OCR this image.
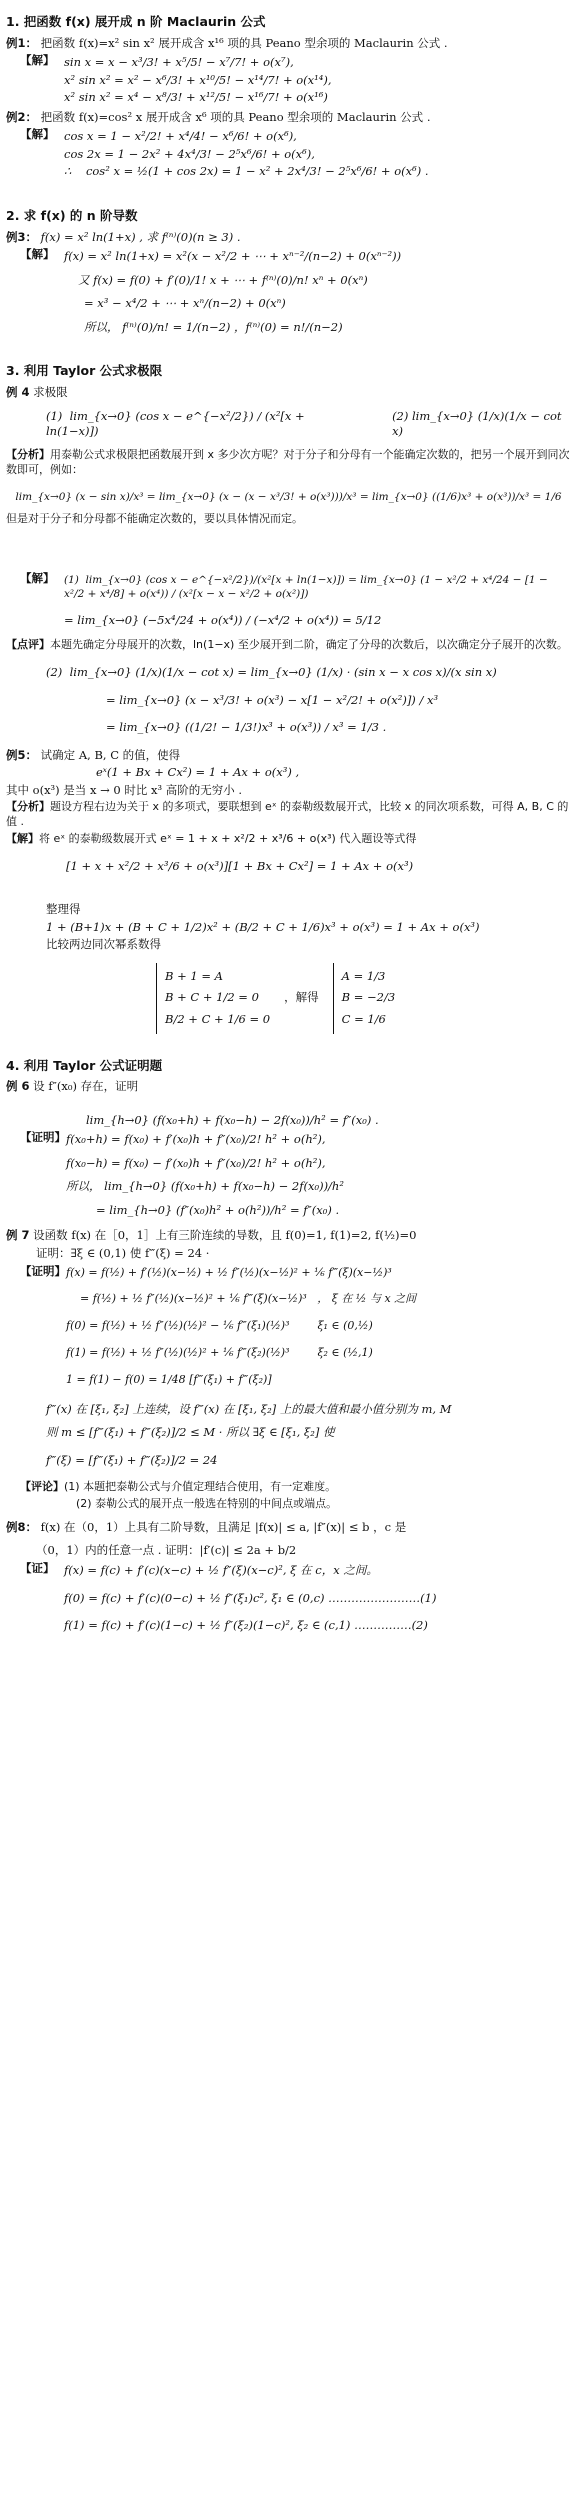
1. 把函数 f(x) 展开成 n 阶 Maclaurin 公式
例1： 把函数 f(x)=x² sin x² 展开成含 x¹⁶ 项的具 Peano 型余项的 Maclaurin 公式 .
【解】 sin x = x − x³/3! + x⁵/5! − x⁷/7! + o(x⁷),
x² sin x² = x² − x⁶/3! + x¹⁰/5! − x¹⁴/7! + o(x¹⁴),
x² sin x² = x⁴ − x⁸/3! + x¹²/5! − x¹⁶/7! + o(x¹⁶)
例2： 把函数 f(x)=cos² x 展开成含 x⁶ 项的具 Peano 型余项的 Maclaurin 公式 .
【解】 cos x = 1 − x²/2! + x⁴/4! − x⁶/6! + o(x⁶),
cos 2x = 1 − 2x² + 4x⁴/3! − 2⁵x⁶/6! + o(x⁶),
∴    cos² x = ½(1 + cos 2x) = 1 − x² + 2x⁴/3! − 2⁵x⁶/6! + o(x⁶) .
2. 求 f(x) 的 n 阶导数
例3： f(x) = x² ln(1+x) , 求 f⁽ⁿ⁾(0)(n ≥ 3) .
【解】 f(x) = x² ln(1+x) = x²(x − x²/2 + ⋯ + xⁿ⁻²/(n−2) + 0(xⁿ⁻²))
又 f(x) = f(0) + f′(0)/1! x + ⋯ + f⁽ⁿ⁾(0)/n! xⁿ + 0(xⁿ)
= x³ − x⁴/2 + ⋯ + xⁿ/(n−2) + 0(xⁿ)
所以， f⁽ⁿ⁾(0)/n! = 1/(n−2) ，f⁽ⁿ⁾(0) = n!/(n−2)
3. 利用 Taylor 公式求极限
例 4 求极限
(1)  lim_{x→0} (cos x − e^{−x²/2}) / (x²[x + ln(1−x)])
(2) lim_{x→0} (1/x)(1/x − cot x)
【分析】用泰勒公式求极限把函数展开到 x 多少次方呢？对于分子和分母有一个能确定次数的，把另一个展开到同次数即可，例如：
lim_{x→0} (x − sin x)/x³ = lim_{x→0} (x − (x − x³/3! + o(x³)))/x³ = lim_{x→0} ((1/6)x³ + o(x³))/x³ = 1/6
但是对于分子和分母都不能确定次数的，要以具体情况而定。
【解】 (1)  lim_{x→0} (cos x − e^{−x²/2})/(x²[x + ln(1−x)]) = lim_{x→0} (1 − x²/2 + x⁴/24 − [1 − x²/2 + x⁴/8] + o(x⁴)) / (x²[x − x − x²/2 + o(x²)])
= lim_{x→0} (−5x⁴/24 + o(x⁴)) / (−x⁴/2 + o(x⁴)) = 5/12
【点评】本题先确定分母展开的次数，ln(1−x) 至少展开到二阶，确定了分母的次数后，以次确定分子展开的次数。
(2)  lim_{x→0} (1/x)(1/x − cot x) = lim_{x→0} (1/x) · (sin x − x cos x)/(x sin x)
= lim_{x→0} (x − x³/3! + o(x³) − x[1 − x²/2! + o(x²)]) / x³
= lim_{x→0} ((1/2! − 1/3!)x³ + o(x³)) / x³ = 1/3 .
例5： 试确定 A, B, C 的值，使得
eˣ(1 + Bx + Cx²) = 1 + Ax + o(x³) ,
其中 o(x³) 是当 x → 0 时比 x³ 高阶的无穷小 .
【分析】题设方程右边为关于 x 的多项式，要联想到 eˣ 的泰勒级数展开式，比较 x 的同次项系数，可得 A, B, C 的值 .
【解】将 eˣ 的泰勒级数展开式 eˣ = 1 + x + x²/2 + x³/6 + o(x³) 代入题设等式得
[1 + x + x²/2 + x³/6 + o(x³)][1 + Bx + Cx²] = 1 + Ax + o(x³)
整理得
1 + (B+1)x + (B + C + 1/2)x² + (B/2 + C + 1/6)x³ + o(x³) = 1 + Ax + o(x³)
比较两边同次幂系数得
B + 1 = A
B + C + 1/2 = 0
B/2 + C + 1/6 = 0
，解得
A = 1/3
B = −2/3
C = 1/6
4. 利用 Taylor 公式证明题
例 6 设 f″(x₀) 存在，证明
lim_{h→0} (f(x₀+h) + f(x₀−h) − 2f(x₀))/h² = f″(x₀) .
【证明】 f(x₀+h) = f(x₀) + f′(x₀)h + f″(x₀)/2! h² + o(h²),
f(x₀−h) = f(x₀) − f′(x₀)h + f″(x₀)/2! h² + o(h²),
所以， lim_{h→0} (f(x₀+h) + f(x₀−h) − 2f(x₀))/h²
= lim_{h→0} (f″(x₀)h² + o(h²))/h² = f″(x₀) .
例 7 设函数 f(x) 在［0，1］上有三阶连续的导数，且 f(0)=1, f(1)=2, f(½)=0
证明：∃ξ ∈ (0,1) 使 f‴(ξ) = 24 ·
【证明】 f(x) = f(½) + f′(½)(x−½) + ½ f″(½)(x−½)² + ⅙ f‴(ξ)(x−½)³
= f(½) + ½ f″(½)(x−½)² + ⅙ f‴(ξ)(x−½)³   ， ξ 在 ½ 与 x 之间
f(0) = f(½) + ½ f″(½)(½)² − ⅙ f‴(ξ₁)(½)³        ξ₁ ∈ (0,½)
f(1) = f(½) + ½ f″(½)(½)² + ⅙ f‴(ξ₂)(½)³        ξ₂ ∈ (½,1)
1 = f(1) − f(0) = 1/48 [f‴(ξ₁) + f‴(ξ₂)]
f‴(x) 在 [ξ₁, ξ₂] 上连续，设 f‴(x) 在 [ξ₁, ξ₂] 上的最大值和最小值分别为 m, M
则 m ≤ [f‴(ξ₁) + f‴(ξ₂)]/2 ≤ M · 所以 ∃ξ ∈ [ξ₁, ξ₂] 使
f‴(ξ) = [f‴(ξ₁) + f‴(ξ₂)]/2 = 24
【评论】(1) 本题把泰勒公式与介值定理结合使用，有一定难度。
(2) 泰勒公式的展开点一般选在特别的中间点或端点。
例8： f(x) 在（0，1）上具有二阶导数，且满足 |f(x)| ≤ a, |f″(x)| ≤ b ，c 是
（0，1）内的任意一点 . 证明：|f′(c)| ≤ 2a + b/2
【证】 f(x) = f(c) + f′(c)(x−c) + ½ f″(ξ)(x−c)², ξ 在 c，x 之间。
f(0) = f(c) + f′(c)(0−c) + ½ f″(ξ₁)c², ξ₁ ∈ (0,c) ……………………(1)
f(1) = f(c) + f′(c)(1−c) + ½ f″(ξ₂)(1−c)², ξ₂ ∈ (c,1) ……………(2)
